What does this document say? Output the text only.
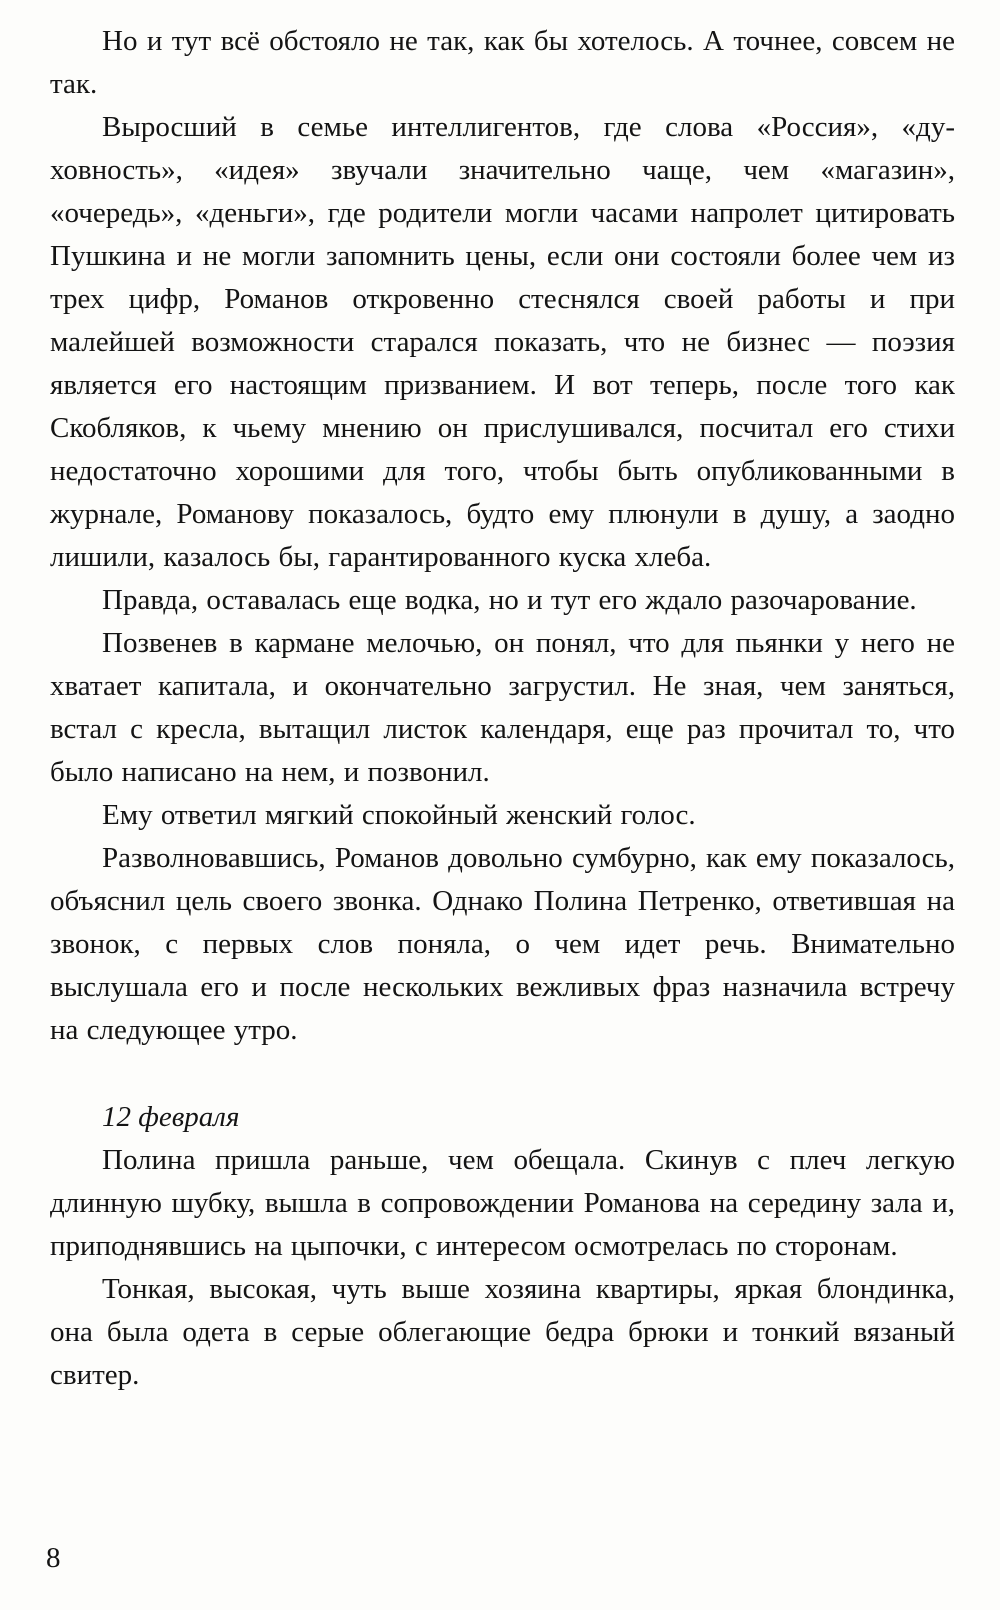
Но и тут всё обстояло не так, как бы хотелось. А точнее, совсем не так.

Выросший в семье интеллигентов, где слова «Россия», «духовность», «идея» звучали значительно чаще, чем «магазин», «очередь», «деньги», где родители могли часами напролет цитировать Пушкина и не могли запомнить цены, если они состояли более чем из трех цифр, Романов откровенно стеснялся своей работы и при малейшей возможности старался показать, что не бизнес — поэзия является его настоящим призванием. И вот теперь, после того как Скобляков, к чьему мнению он прислушивался, посчитал его стихи недостаточно хорошими для того, чтобы быть опубликованными в журнале, Романову показалось, будто ему плюнули в душу, а заодно лишили, казалось бы, гарантированного куска хлеба.

Правда, оставалась еще водка, но и тут его ждало разочарование.

Позвенев в кармане мелочью, он понял, что для пьянки у него не хватает капитала, и окончательно загрустил. Не зная, чем заняться, встал с кресла, вытащил листок календаря, еще раз прочитал то, что было написано на нем, и позвонил.

Ему ответил мягкий спокойный женский голос.

Разволновавшись, Романов довольно сумбурно, как ему показалось, объяснил цель своего звонка. Однако Полина Петренко, ответившая на звонок, с первых слов поняла, о чем идет речь. Внимательно выслушала его и после нескольких вежливых фраз назначила встречу на следующее утро.

12 февраля

Полина пришла раньше, чем обещала. Скинув с плеч легкую длинную шубку, вышла в сопровождении Романова на середину зала и, приподнявшись на цыпочки, с интересом осмотрелась по сторонам.

Тонкая, высокая, чуть выше хозяина квартиры, яркая блондинка, она была одета в серые облегающие бедра брюки и тонкий вязаный свитер.

8
